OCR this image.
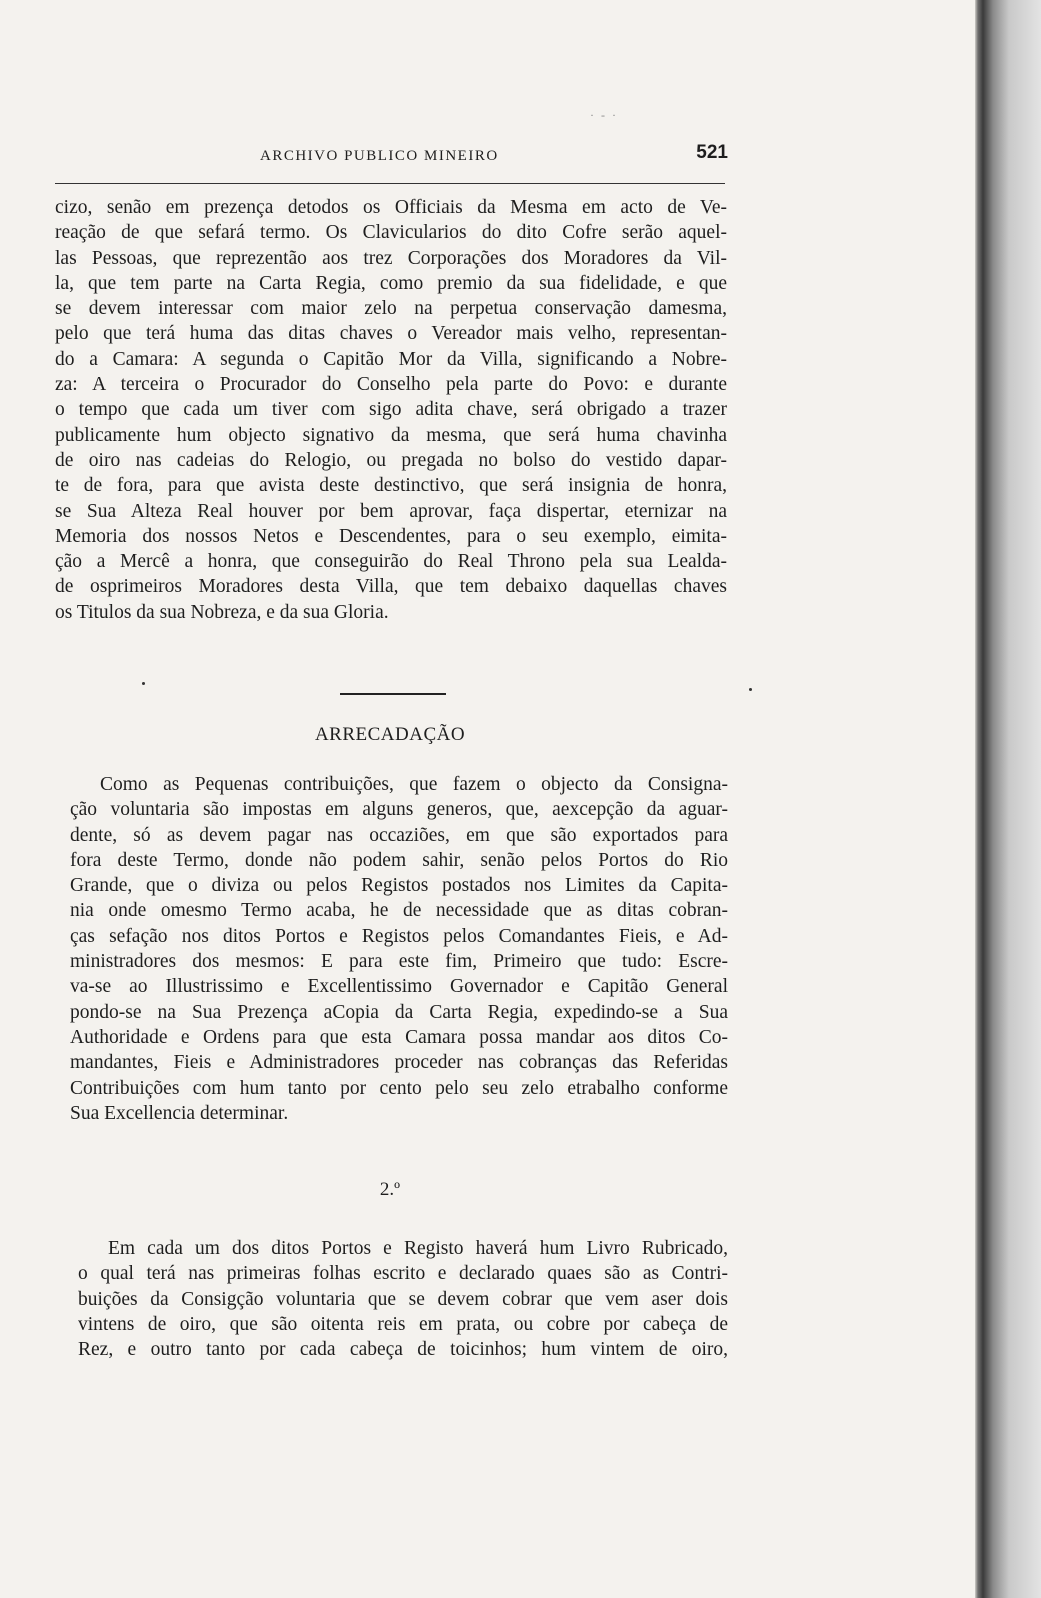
· - ·
ARCHIVO PUBLICO MINEIRO	521

cizo, senão em prezença detodos os Officiais da Mesma em acto de Ve-
reação de que sefará termo. Os Clavicularios do dito Cofre serão aquel-
las Pessoas, que reprezentão aos trez Corporações dos Moradores da Vil-
la, que tem parte na Carta Regia, como premio da sua fidelidade, e que
se devem interessar com maior zelo na perpetua conservação damesma,
pelo que terá huma das ditas chaves o Vereador mais velho, representan-
do a Camara: A segunda o Capitão Mor da Villa, significando a Nobre-
za: A terceira o Procurador do Conselho pela parte do Povo: e durante
o tempo que cada um tiver com sigo adita chave, será obrigado a trazer
publicamente hum objecto signativo da mesma, que será huma chavinha
de oiro nas cadeias do Relogio, ou pregada no bolso do vestido dapar-
te de fora, para que avista deste destinctivo, que será insignia de honra,
se Sua Alteza Real houver por bem aprovar, faça dispertar, eternizar na
Memoria dos nossos Netos e Descendentes, para o seu exemplo, eimita-
ção a Mercê a honra, que conseguirão do Real Throno pela sua Lealda-
de osprimeiros Moradores desta Villa, que tem debaixo daquellas chaves
os Titulos da sua Nobreza, e da sua Gloria.

ARRECADAÇÃO

Como as Pequenas contribuições, que fazem o objecto da Consigna-
ção voluntaria são impostas em alguns generos, que, aexcepção da aguar-
dente, só as devem pagar nas occaziões, em que são exportados para
fora deste Termo, donde não podem sahir, senão pelos Portos do Rio
Grande, que o diviza ou pelos Registos postados nos Limites da Capita-
nia onde omesmo Termo acaba, he de necessidade que as ditas cobran-
ças sefação nos ditos Portos e Registos pelos Comandantes Fieis, e Ad-
ministradores dos mesmos: E para este fim, Primeiro que tudo: Escre-
va-se ao Illustrissimo e Excellentissimo Governador e Capitão General
pondo-se na Sua Prezença aCopia da Carta Regia, expedindo-se a Sua
Authoridade e Ordens para que esta Camara possa mandar aos ditos Co-
mandantes, Fieis e Administradores proceder nas cobranças das Referidas
Contribuições com hum tanto por cento pelo seu zelo etrabalho conforme
Sua Excellencia determinar.

2.º

Em cada um dos ditos Portos e Registo haverá hum Livro Rubricado,
o qual terá nas primeiras folhas escrito e declarado quaes são as Contri-
buições da Consigção voluntaria que se devem cobrar que vem aser dois
vintens de oiro, que são oitenta reis em prata, ou cobre por cabeça de
Rez, e outro tanto por cada cabeça de toicinhos; hum vintem de oiro,
